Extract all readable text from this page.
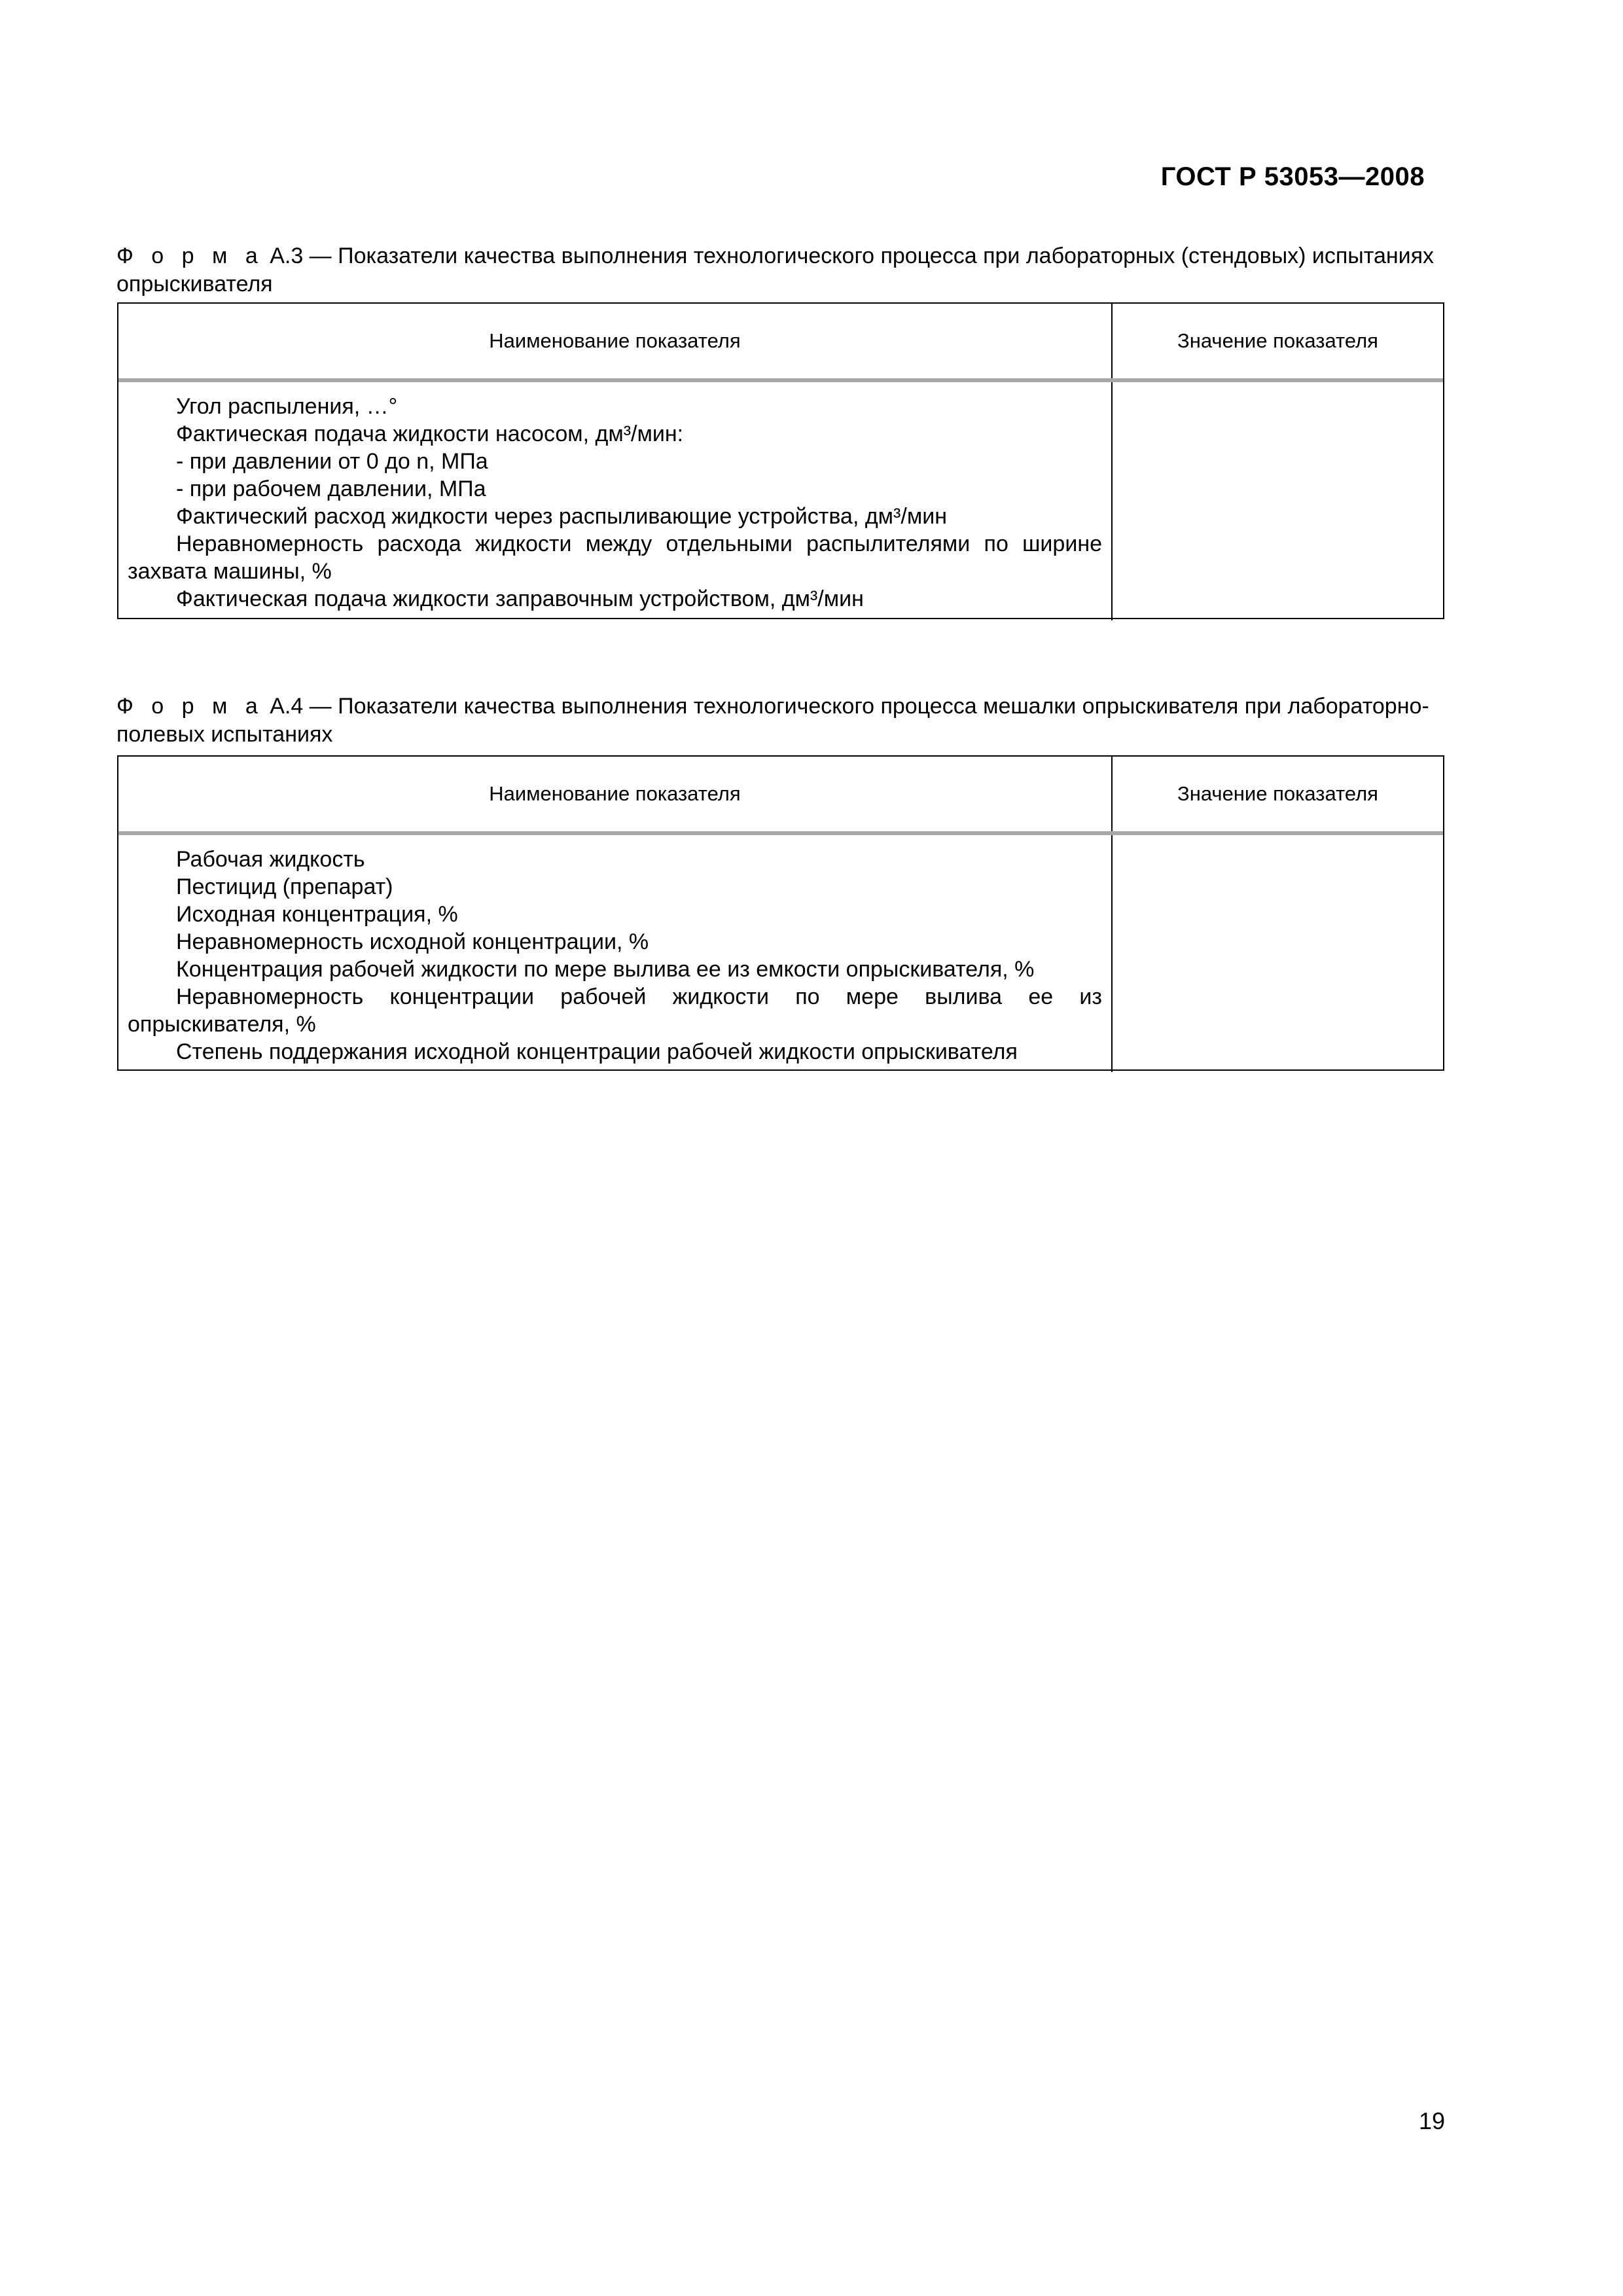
ГОСТ Р 53053—2008
Ф о р м а А.3 — Показатели качества выполнения технологического процесса при лабораторных (стендовых) испытаниях опрыскивателя
Наименование показателя	Значение показателя
Угол распыления, …°
Фактическая подача жидкости насосом, дм³/мин:
- при давлении от 0 до n, МПа
- при рабочем давлении, МПа
Фактический расход жидкости через распыливающие устройства, дм³/мин
Неравномерность расхода жидкости между отдельными распылителями по ширине захвата машины, %
Фактическая подача жидкости заправочным устройством, дм³/мин
Ф о р м а А.4 — Показатели качества выполнения технологического процесса мешалки опрыскивателя при лабораторно-полевых испытаниях
Наименование показателя	Значение показателя
Рабочая жидкость
Пестицид (препарат)
Исходная концентрация, %
Неравномерность исходной концентрации, %
Концентрация рабочей жидкости по мере вылива ее из емкости опрыскивателя, %
Неравномерность концентрации рабочей жидкости по мере вылива ее из опрыскивателя, %
Степень поддержания исходной концентрации рабочей жидкости опрыскивателя
19
